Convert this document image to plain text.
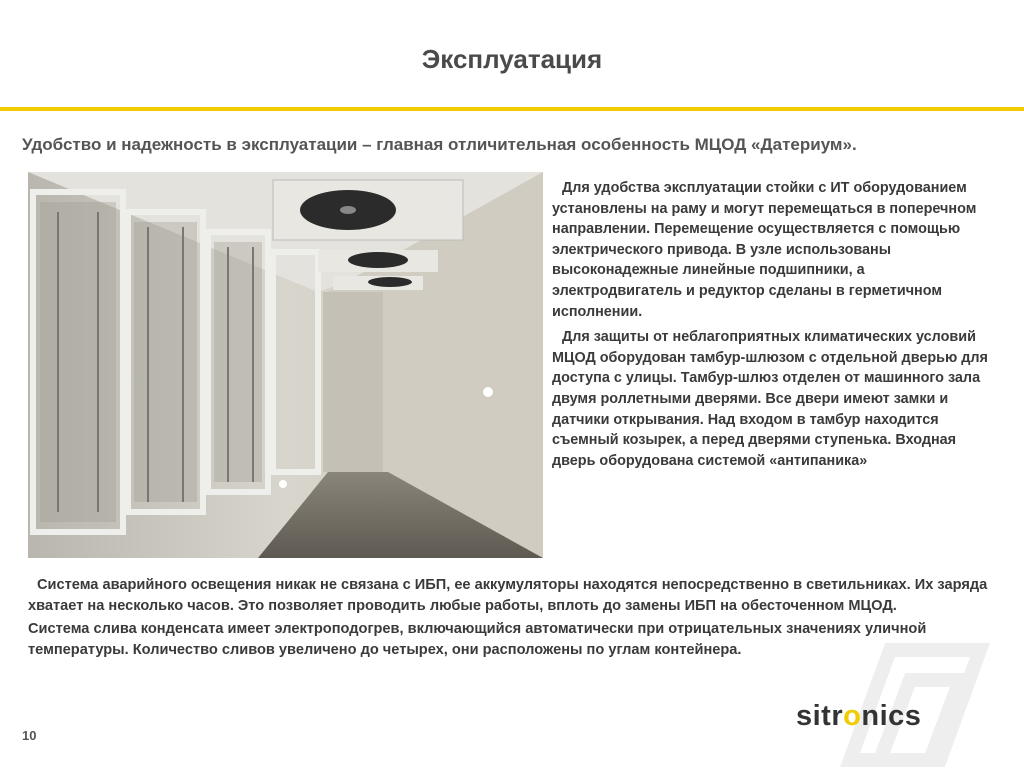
Эксплуатация
Удобство и надежность в эксплуатации – главная отличительная особенность МЦОД «Датериум».

Для удобства эксплуатации стойки с ИТ оборудованием установлены на раму и могут перемещаться в поперечном направлении. Перемещение осуществляется с помощью электрического привода. В узле использованы высоконадежные линейные подшипники, а электродвигатель и редуктор сделаны в герметичном исполнении.

Для защиты от неблагоприятных климатических условий МЦОД оборудован тамбур-шлюзом с отдельной дверью для доступа с улицы. Тамбур-шлюз отделен от машинного зала двумя роллетными дверями. Все двери имеют замки и датчики открывания. Над входом в тамбур находится съемный козырек, а перед дверями ступенька. Входная дверь оборудована системой «антипаника»

Система аварийного освещения никак не связана с ИБП, ее аккумуляторы находятся непосредственно в светильниках. Их заряда хватает на несколько часов. Это позволяет проводить любые работы, вплоть до замены ИБП на обесточенном МЦОД.

Система слива конденсата имеет электроподогрев, включающийся автоматически при отрицательных значениях уличной температуры. Количество сливов увеличено до четырех, они расположены по углам контейнера.

sitronics
10
